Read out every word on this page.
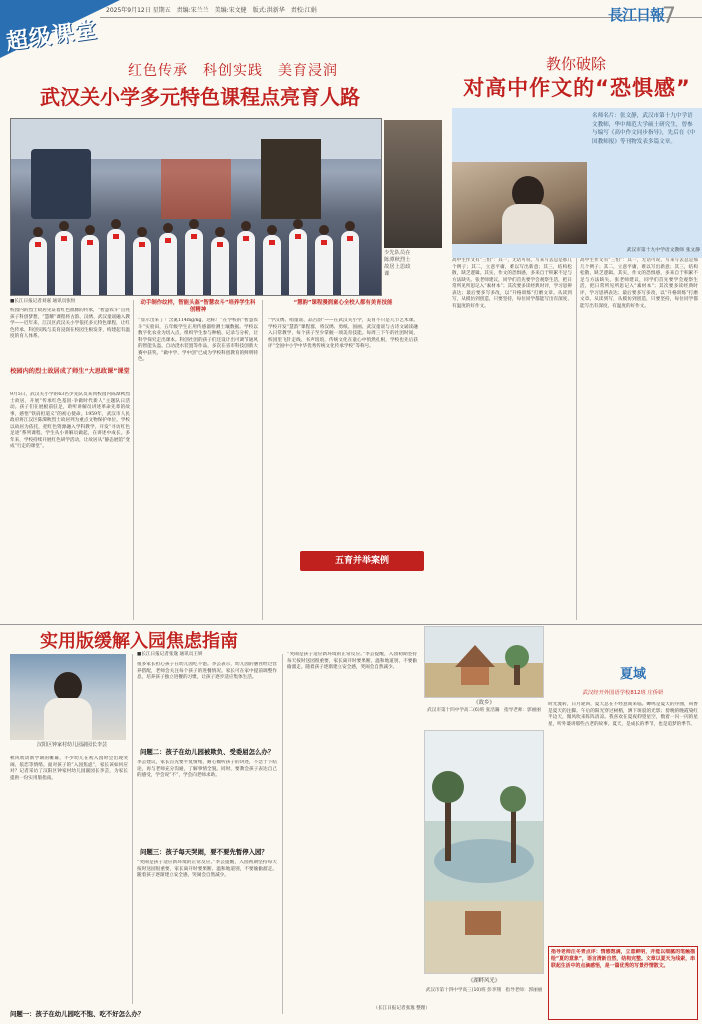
超级课堂
2025年9月12日 星期五　责编:宋兰兰　美编:宋文健　版式:洪新华　责校:江娟	長江日報
7
红色传承　科创实践　美育浸润
武汉关小学多元特色课程点亮育人路
少先队员在陈潭秋烈士故居上思政课
■长江日报记者刘嘉 通讯员张恒
校园内的烈士故居见证着红色血脉的传承，“智慧农斗”点亮孩子科创梦想，“慧耀”课程将古韵、汉绣、武汉童谣融入教学——近年来，江汉区武汉关小学依托多元特色课程，让红色传承、科创实践与美育浸润在校园生根发芽，构建起有温度的育人体系。
校园内的烈士故居成了师生“大思政课”课堂
9月5日，武汉关小学的63名少先队员来到校园内陈潭秋烈士故居，开展“传承红色基因·争做时代新人”主题队日活动。孩子们在展板前驻足，聆听讲解员讲述革命先辈的故事，感悟“铁肩担道义”的初心使命。1959年，武汉市人民政府将江汉区陈潭秋烈士故居列为重点文物保护单位。学校以故居为依托，把红色资源融入学科教学，开发“寻访红色足迹”系列课程，学生从小讲解员做起，在讲述中成长。多年来，学校持续开展红色研学活动，让故居从“静态展馆”变成“行走的课堂”。
动手制作纹样，智能头盔“智慧农斗”培养学生科创精神
“显示出来了！含氮114mg/kg，达标！”在学校的“智慧农斗”实验田，五年级学生正用传感器检测土壤数据。学校以数字化农业为切入点，组织学生参与种植、记录与分析，让科学探究走出课本。科创社团的孩子们还设计出可调节通风的智能头盔、自动浇水装置等作品，多次在省市科技创新大赛中获奖。“做中学、学中创”已成为学校科创教育的鲜明特色。
“慧韵”课程漫润童心全校人都有美育技能
“学汉绣、唱童谣、品古韵”——在武汉关小学，美育不只是几节艺术课。学校开发“慧韵”课程群，将汉绣、剪纸、国画、武汉童谣与古诗文诵读融入日常教学，每个孩子至少掌握一项美育技能。每周三下午的社团时间，校园里飞针走线、书声琅琅，传统文化在童心中悄然扎根，学校也先后获评“全国中小学中华优秀传统文化传承学校”等称号。
五育并举案例
教你破除
对高中作文的“恐惧感”
名师名片：张文静，武汉市第十九中学语文教师，华中师范大学硕士研究生，曾参与编写《高中作文同步指导》，先后在《中国教师报》等刊物发表多篇文章。
武汉市第十九中学语文教师 张文静
高中生作文有“三怕”：其一，无话可说，写来写去总是那几个例子；其二，立意平庸，难以写出新意；其三，结构松散，缺乏逻辑。其实，作文的恐惧感，多来自于积累不足与方法缺失。张老师建议，同学们首先要学会观察生活，把日常所见所思记入“素材本”；其次要多读经典时评，学习思辨表达；最后要多写多改，以“升格训练”打磨文章。从读到写，从模仿到创造，只要坚持，每位同学都能写出有深度、有温度的好作文。
高中生作文有“三怕”：其一，无话可说，写来写去总是那几个例子；其二，立意平庸，难以写出新意；其三，结构松散，缺乏逻辑。其实，作文的恐惧感，多来自于积累不足与方法缺失。张老师建议，同学们首先要学会观察生活，把日常所见所思记入“素材本”；其次要多读经典时评，学习思辨表达；最后要多写多改，以“升格训练”打磨文章。从读到写，从模仿到创造，只要坚持，每位同学都能写出有深度、有温度的好作文。
实用版缓解入园焦虑指南
汉阳区钟家村幼儿园副园长李芸
秋风吹动新学期的帷幕，不少幼儿在初入园时会出现哭闹、依恋等情绪。面对孩子的“入园焦虑”，家长该如何应对？记者采访了汉阳区钟家村幼儿园副园长李芸，为家长提供一份实用版指南。
问题一：孩子在幼儿园吃不饱、吃不好怎么办？
■长江日报记者张逸 通讯员王妍
很多家长担心孩子在幼儿园吃不饱。李芸表示，幼儿园的膳食经过营养搭配，老师会关注每个孩子的进餐情况。家长可在家中提前调整作息，培养孩子独立进餐的习惯，让孩子逐步适应集体生活。
问题二：孩子在幼儿园被欺负、受委屈怎么办？
李芸建议，家长首先要平复情绪，耐心倾听孩子的讲述，不急于下结论，再与老师充分沟通，了解事情全貌。同时，要教会孩子表达自己的感受，学会说“不”，学会向老师求助。
问题三：孩子每天哭闹，要不要先暂停入园？
“哭闹是孩子适应新环境的正常反应。”李芸提醒，入园初期坚持每天按时送园很重要，家长离开时要果断、温和地道别，不要偷偷溜走。随着孩子逐渐建立安全感，哭闹会自然减少。
“哭闹是孩子适应新环境的正常反应。”李芸提醒，入园初期坚持每天按时送园很重要，家长离开时要果断、温和地道别，不要偷偷溜走。随着孩子逐渐建立安全感，哭闹会自然减少。
（长江日报记者张逸 整理）
《故乡》
武汉市第十四中学高二(6)班 张浩瀚　指导老师：郭丽丽
《湖畔风光》
武汉市第十四中学高三(10)班 彭李翔　指导老师：郭丽丽
夏域
武汉经开外国语学校812班 庄侨妍
时光流转，日月轮回，夏天总在不经意间来临。蝉鸣是夏天的序曲，荷香是夏天的注脚。午后的阳光穿过树梢，洒下斑驳的光影；傍晚的晚霞染红半边天，微风吹来阵阵清凉。我喜欢在夏夜仰望星空，数着一闪一闪的星星，听外婆讲那些古老的故事。夏天，是成长的季节，也是追梦的季节。
指导老师汪冬青点评：情感饱满，立意鲜明，并能以细腻的笔触描绘“夏的意象”，语言清新自然，结构完整。文章以夏天为线索，串联起生活中的点滴感悟，是一篇优秀的写景抒情散文。
